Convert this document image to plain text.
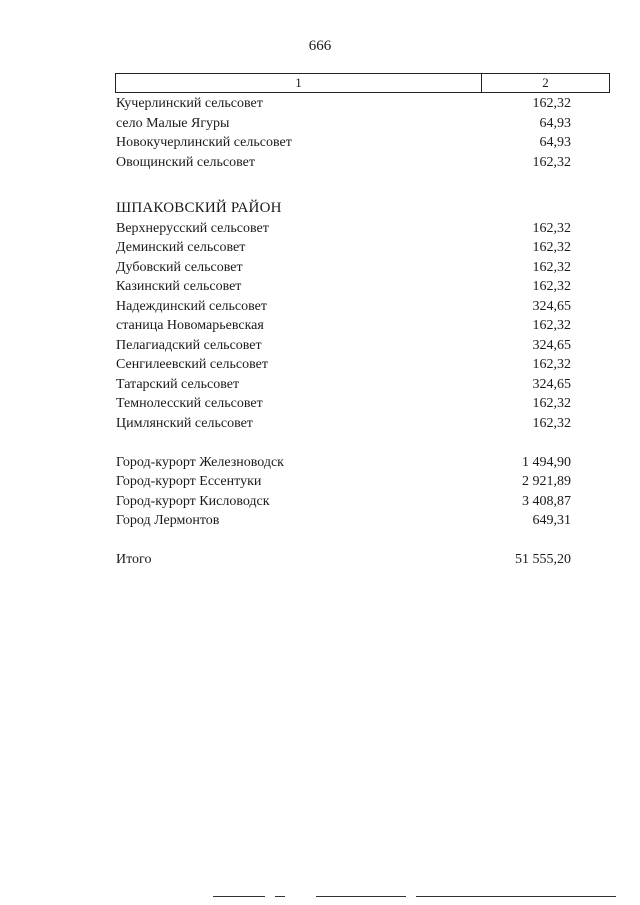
666
1	2
Кучерлинский сельсовет	162,32
село Малые Ягуры	64,93
Новокучерлинский сельсовет	64,93
Овощинский сельсовет	162,32
ШПАКОВСКИЙ РАЙОН
Верхнерусский сельсовет	162,32
Деминский сельсовет	162,32
Дубовский сельсовет	162,32
Казинский сельсовет	162,32
Надеждинский сельсовет	324,65
станица Новомарьевская	162,32
Пелагиадский сельсовет	324,65
Сенгилеевский сельсовет	162,32
Татарский сельсовет	324,65
Темнолесский сельсовет	162,32
Цимлянский сельсовет	162,32
Город-курорт Железноводск	1 494,90
Город-курорт Ессентуки	2 921,89
Город-курорт Кисловодск	3 408,87
Город Лермонтов	649,31
Итого	51 555,20
